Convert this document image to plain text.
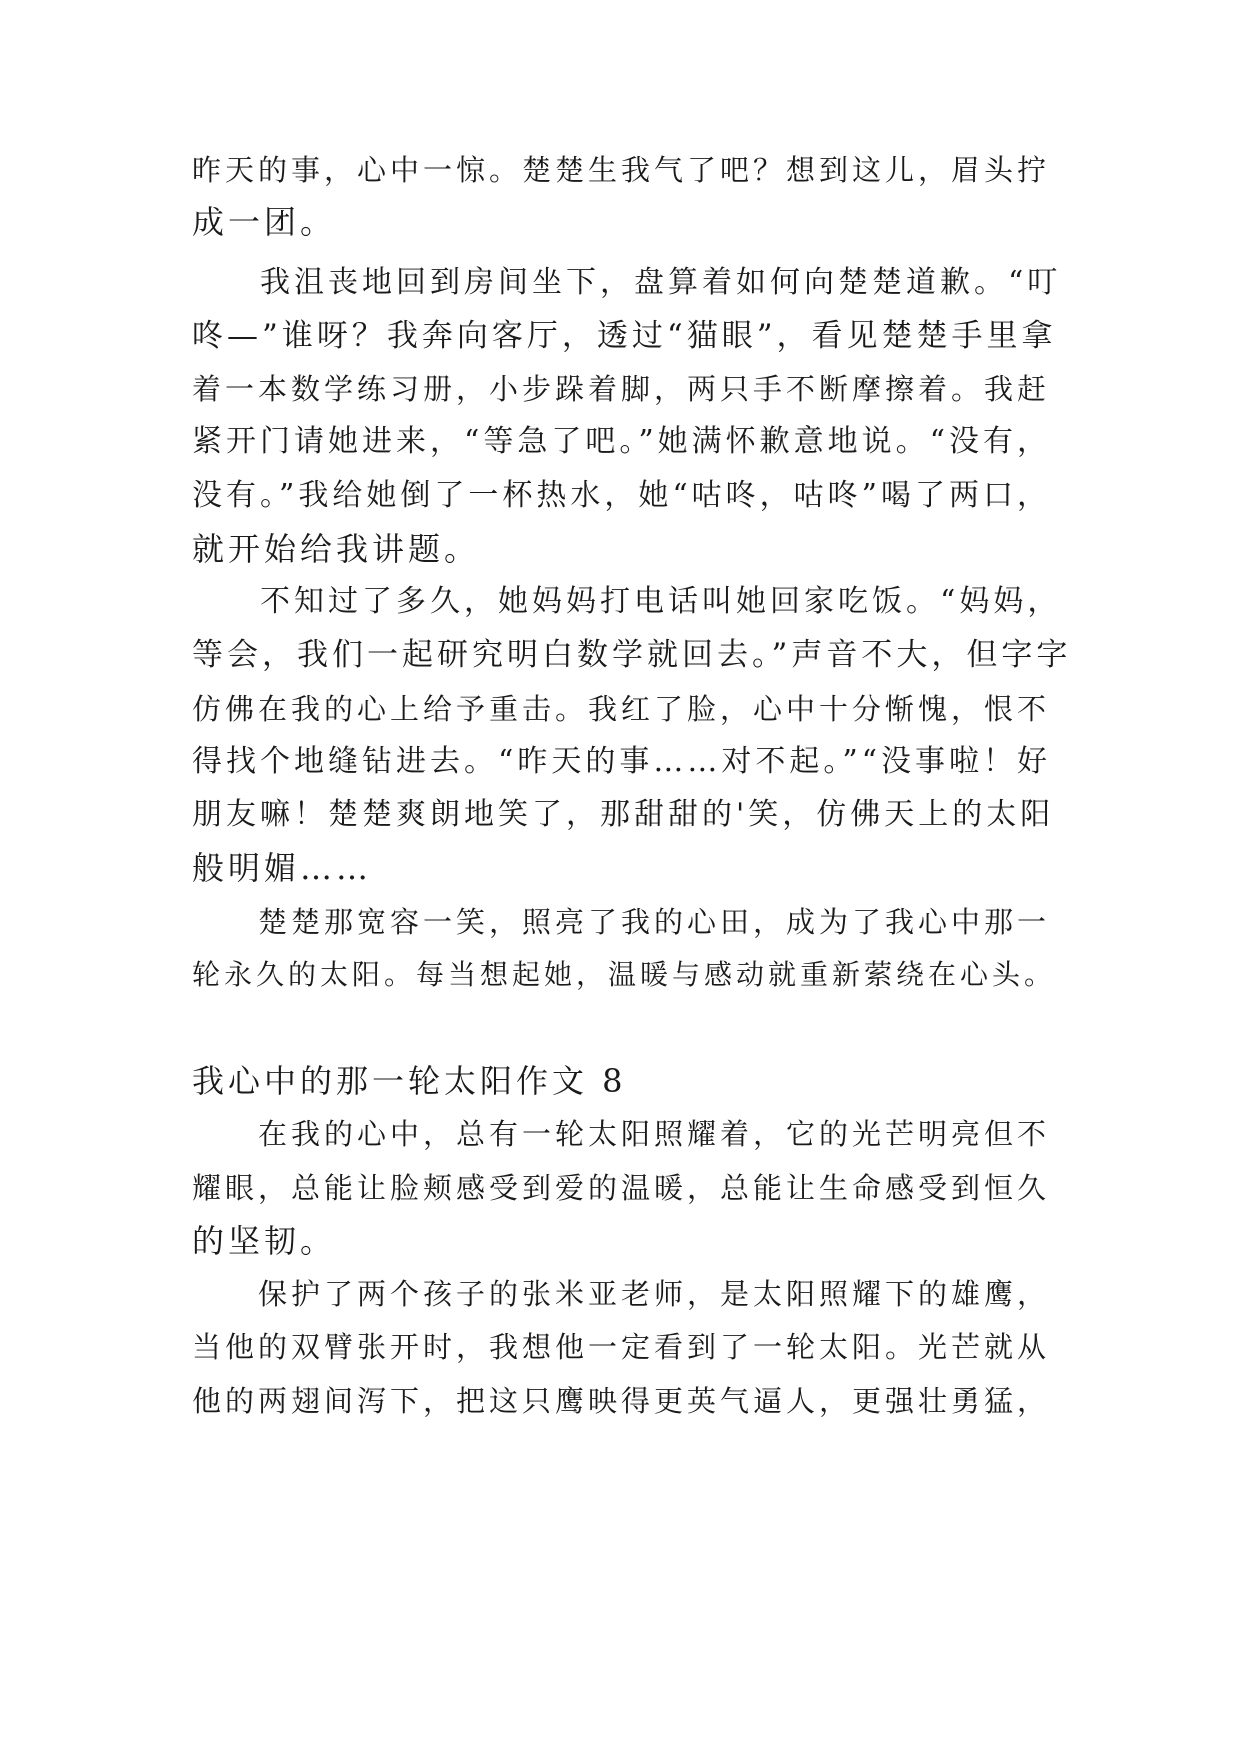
昨天的事，心中一惊。楚楚生我气了吧？想到这儿，眉头拧
成一团。
　　我沮丧地回到房间坐下，盘算着如何向楚楚道歉。“叮
咚—”谁呀？我奔向客厅，透过“猫眼”，看见楚楚手里拿
着一本数学练习册，小步跺着脚，两只手不断摩擦着。我赶
紧开门请她进来，“等急了吧。”她满怀歉意地说。“没有，
没有。”我给她倒了一杯热水，她“咕咚，咕咚”喝了两口，
就开始给我讲题。
　　不知过了多久，她妈妈打电话叫她回家吃饭。“妈妈，
等会，我们一起研究明白数学就回去。”声音不大，但字字
仿佛在我的心上给予重击。我红了脸，心中十分惭愧，恨不
得找个地缝钻进去。“昨天的事……对不起。”“没事啦！好
朋友嘛！楚楚爽朗地笑了，那甜甜的'笑，仿佛天上的太阳
般明媚……
　　楚楚那宽容一笑，照亮了我的心田，成为了我心中那一
轮永久的太阳。每当想起她，温暖与感动就重新萦绕在心头。
我心中的那一轮太阳作文 8
　　在我的心中，总有一轮太阳照耀着，它的光芒明亮但不
耀眼，总能让脸颊感受到爱的温暖，总能让生命感受到恒久
的坚韧。
　　保护了两个孩子的张米亚老师，是太阳照耀下的雄鹰，
当他的双臂张开时，我想他一定看到了一轮太阳。光芒就从
他的两翅间泻下，把这只鹰映得更英气逼人，更强壮勇猛，
